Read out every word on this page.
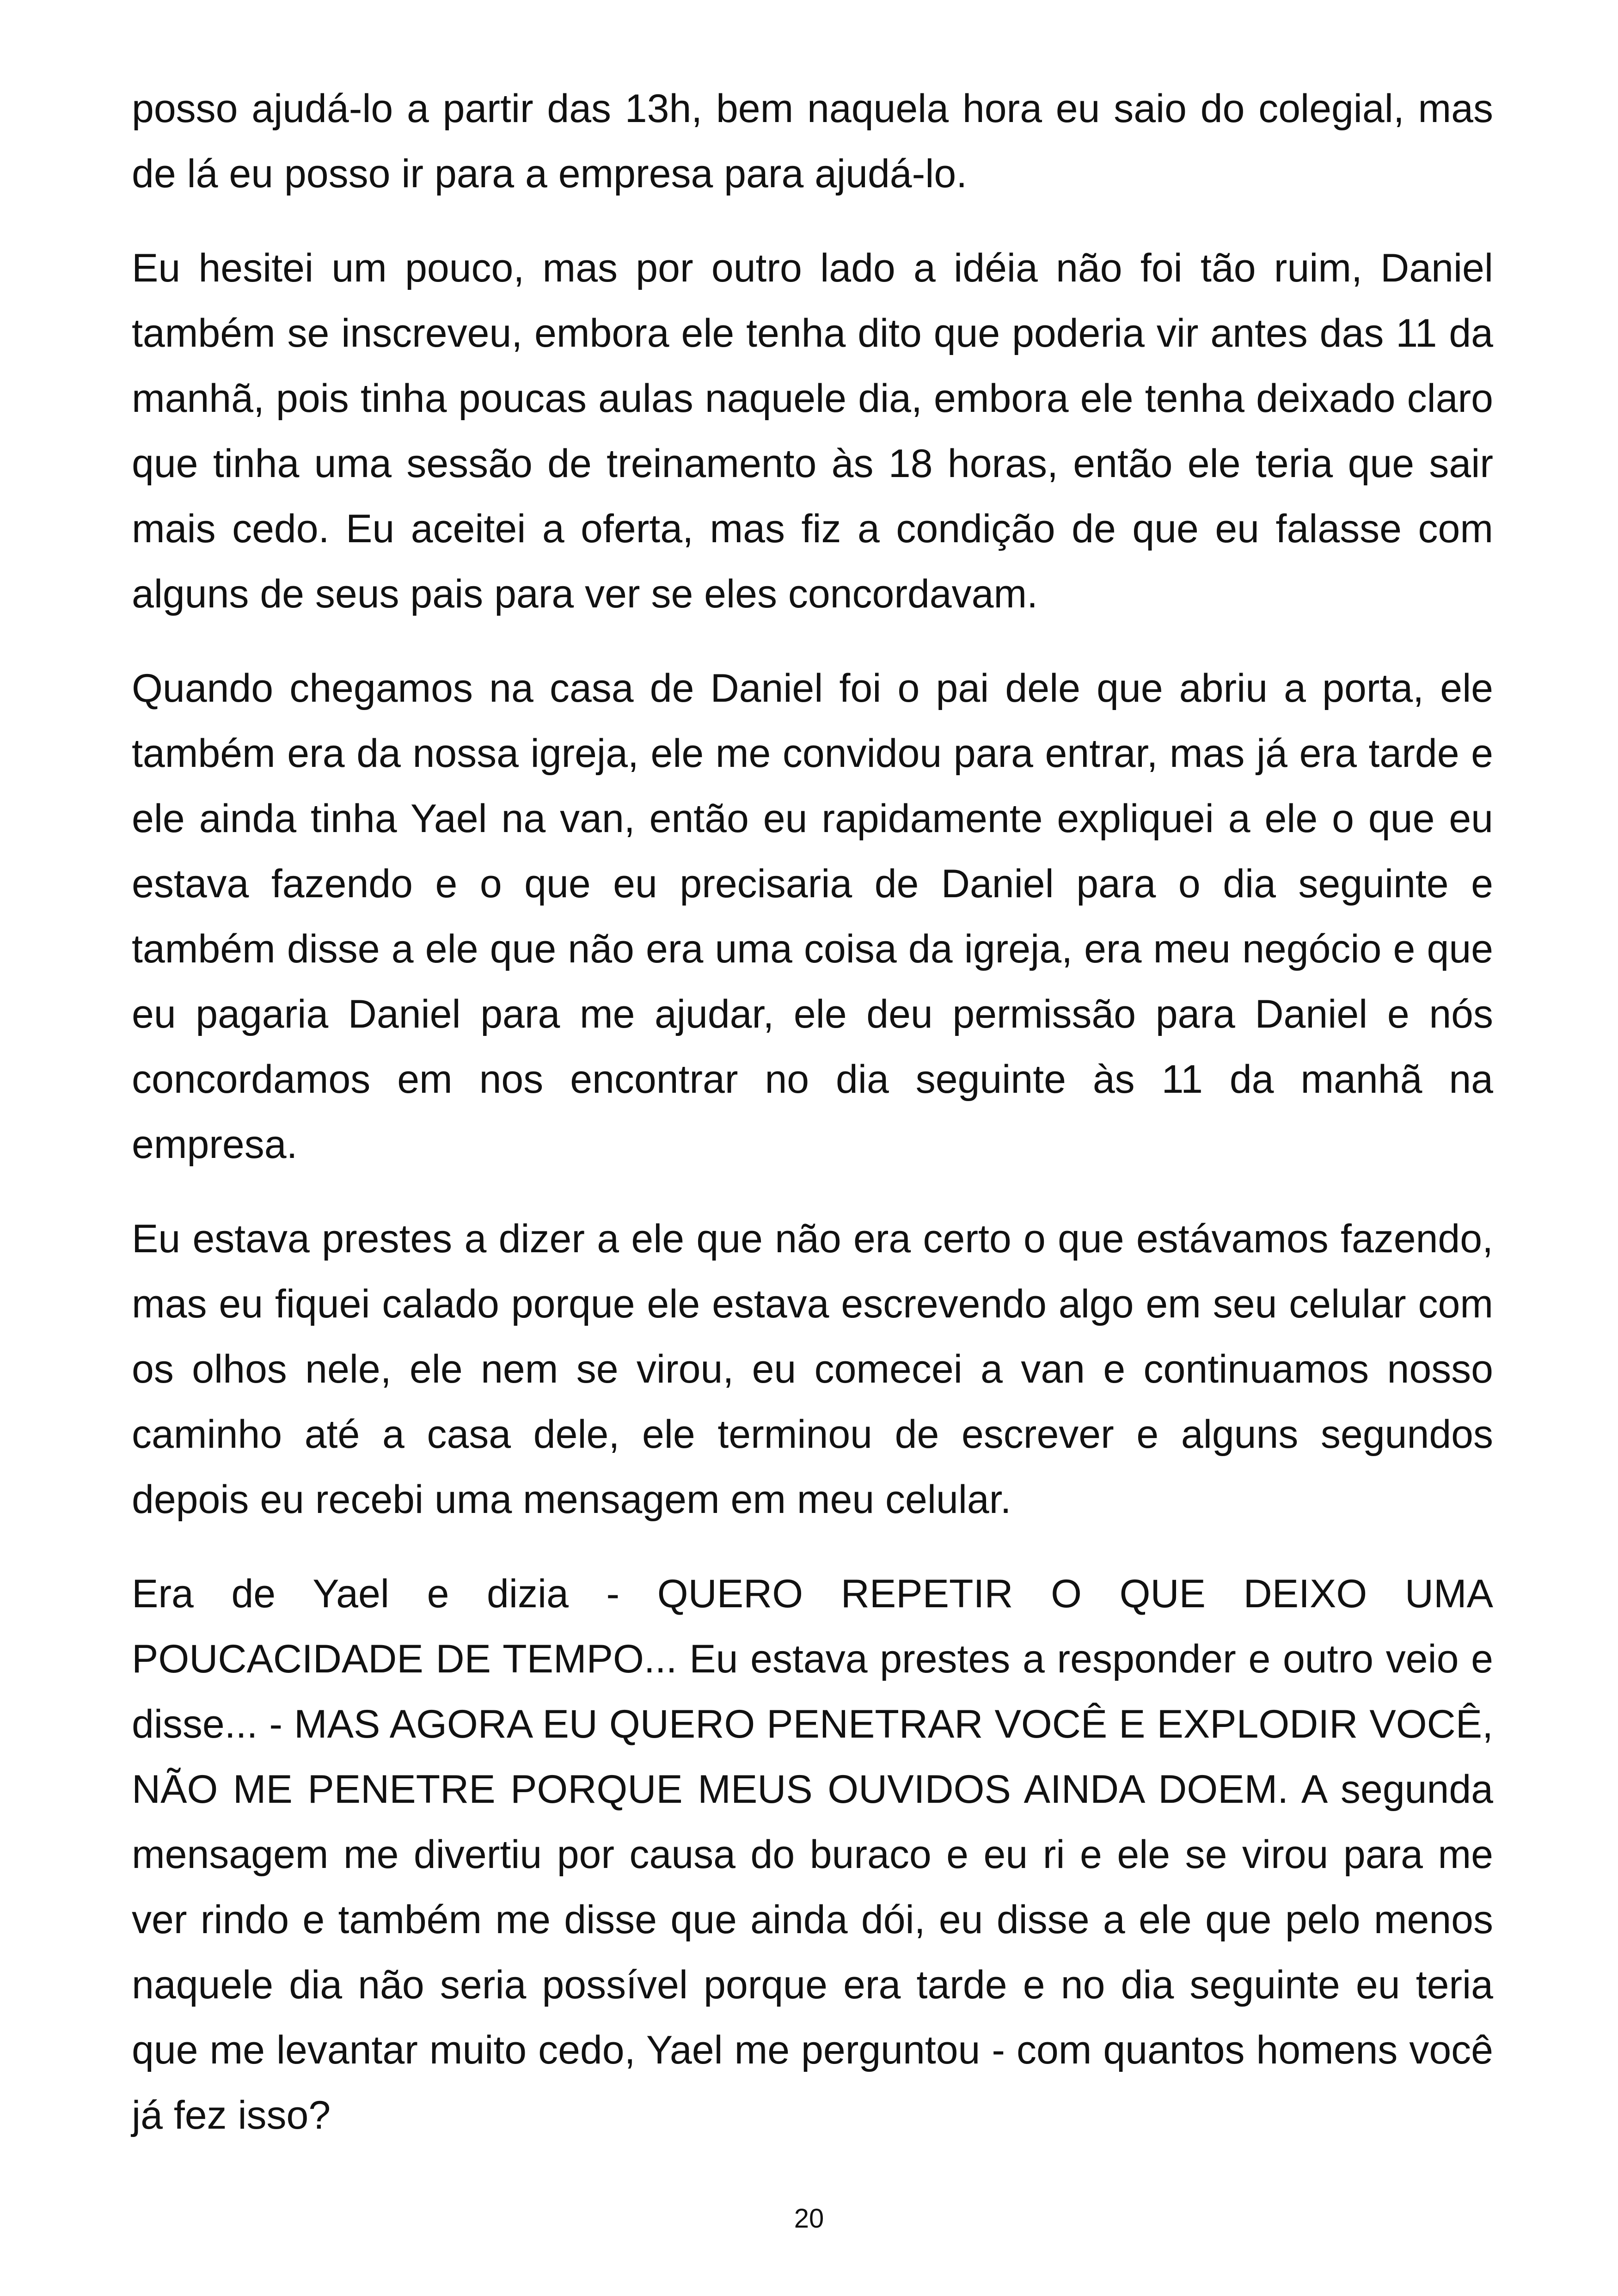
posso ajudá-lo a partir das 13h, bem naquela hora eu saio do colegial, mas de lá eu posso ir para a empresa para ajudá-lo.

Eu hesitei um pouco, mas por outro lado a idéia não foi tão ruim, Daniel também se inscreveu, embora ele tenha dito que poderia vir antes das 11 da manhã, pois tinha poucas aulas naquele dia, embora ele tenha deixado claro que tinha uma sessão de treinamento às 18 horas, então ele teria que sair mais cedo. Eu aceitei a oferta, mas fiz a condição de que eu falasse com alguns de seus pais para ver se eles concordavam.

Quando chegamos na casa de Daniel foi o pai dele que abriu a porta, ele também era da nossa igreja, ele me convidou para entrar, mas já era tarde e ele ainda tinha Yael na van, então eu rapidamente expliquei a ele o que eu estava fazendo e o que eu precisaria de Daniel para o dia seguinte e também disse a ele que não era uma coisa da igreja, era meu negócio e que eu pagaria Daniel para me ajudar, ele deu permissão para Daniel e nós concordamos em nos encontrar no dia seguinte às 11 da manhã na empresa.

Eu estava prestes a dizer a ele que não era certo o que estávamos fazendo, mas eu fiquei calado porque ele estava escrevendo algo em seu celular com os olhos nele, ele nem se virou, eu comecei a van e continuamos nosso caminho até a casa dele, ele terminou de escrever e alguns segundos depois eu recebi uma mensagem em meu celular.

Era de Yael e dizia - QUERO REPETIR O QUE DEIXO UMA POUCACIDADE DE TEMPO... Eu estava prestes a responder e outro veio e disse... - MAS AGORA EU QUERO PENETRAR VOCÊ E EXPLODIR VOCÊ, NÃO ME PENETRE PORQUE MEUS OUVIDOS AINDA DOEM. A segunda mensagem me divertiu por causa do buraco e eu ri e ele se virou para me ver rindo e também me disse que ainda dói, eu disse a ele que pelo menos naquele dia não seria possível porque era tarde e no dia seguinte eu teria que me levantar muito cedo, Yael me perguntou - com quantos homens você já fez isso?

20
